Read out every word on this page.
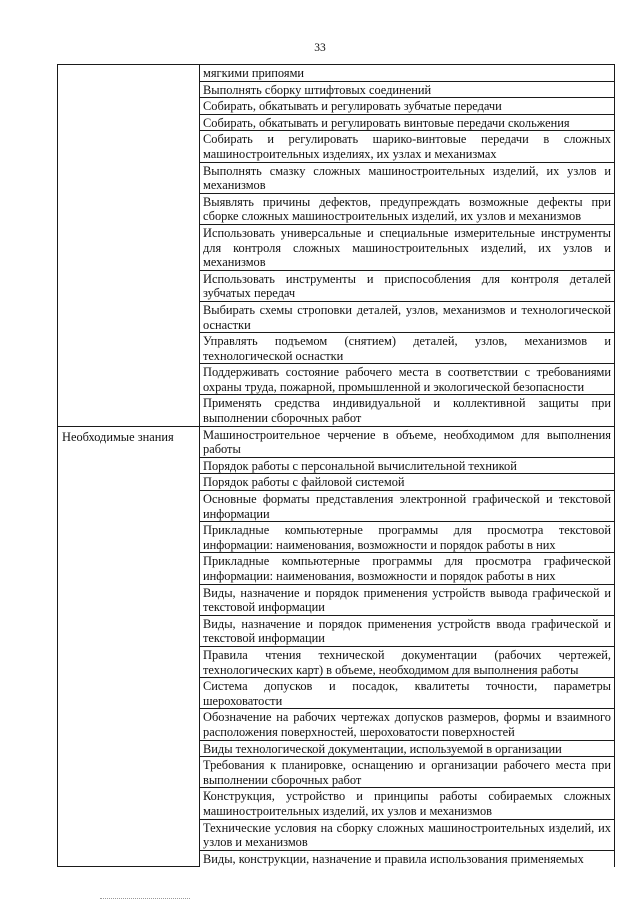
33
	мягкими припоями
	Выполнять сборку штифтовых соединений
	Собирать, обкатывать и регулировать зубчатые передачи
	Собирать, обкатывать и регулировать винтовые передачи скольжения
	Собирать и регулировать шарико-винтовые передачи в сложных машиностроительных изделиях, их узлах и механизмах
	Выполнять смазку сложных машиностроительных изделий, их узлов и механизмов
	Выявлять причины дефектов, предупреждать возможные дефекты при сборке сложных машиностроительных изделий, их узлов и механизмов
	Использовать универсальные и специальные измерительные инструменты для контроля сложных машиностроительных изделий, их узлов и механизмов
	Использовать инструменты и приспособления для контроля деталей зубчатых передач
	Выбирать схемы строповки деталей, узлов, механизмов и технологической оснастки
	Управлять подъемом (снятием) деталей, узлов, механизмов и технологической оснастки
	Поддерживать состояние рабочего места в соответствии с требованиями охраны труда, пожарной, промышленной и экологической безопасности
	Применять средства индивидуальной и коллективной защиты при выполнении сборочных работ
Необходимые знания	Машиностроительное черчение в объеме, необходимом для выполнения работы
	Порядок работы с персональной вычислительной техникой
	Порядок работы с файловой системой
	Основные форматы представления электронной графической и текстовой информации
	Прикладные компьютерные программы для просмотра текстовой информации: наименования, возможности и порядок работы в них
	Прикладные компьютерные программы для просмотра графической информации: наименования, возможности и порядок работы в них
	Виды, назначение и порядок применения устройств вывода графической и текстовой информации
	Виды, назначение и порядок применения устройств ввода графической и текстовой информации
	Правила чтения технической документации (рабочих чертежей, технологических карт) в объеме, необходимом для выполнения работы
	Система допусков и посадок, квалитеты точности, параметры шероховатости
	Обозначение на рабочих чертежах допусков размеров, формы и взаимного расположения поверхностей, шероховатости поверхностей
	Виды технологической документации, используемой в организации
	Требования к планировке, оснащению и организации рабочего места при выполнении сборочных работ
	Конструкция, устройство и принципы работы собираемых сложных машиностроительных изделий, их узлов и механизмов
	Технические условия на сборку сложных машиностроительных изделий, их узлов и механизмов
	Виды, конструкции, назначение и правила использования применяемых
